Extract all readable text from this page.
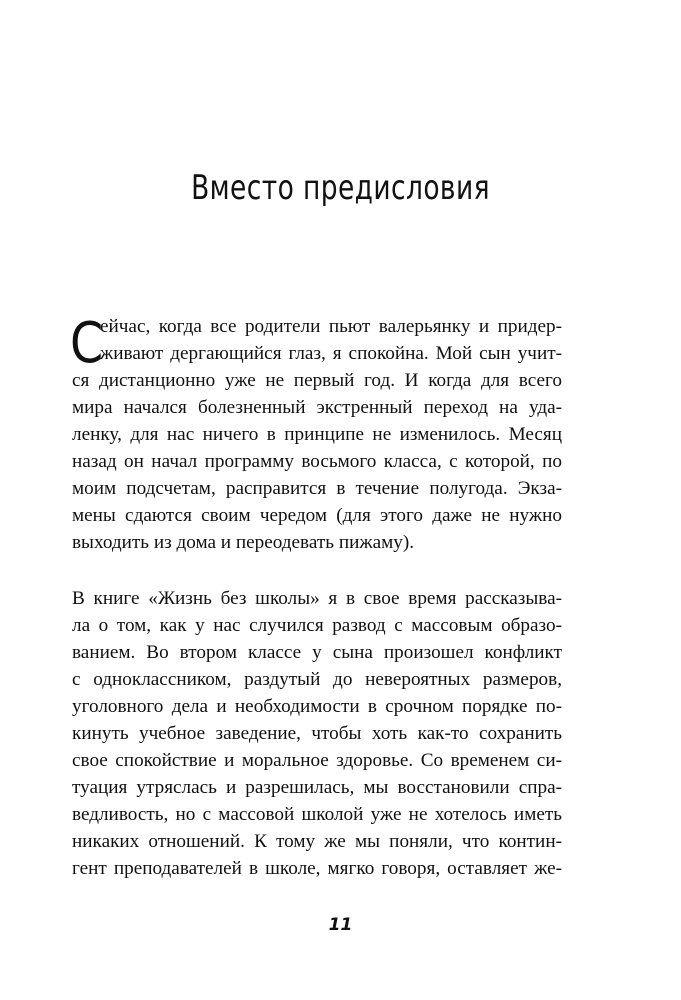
Вместо предисловия
С
ейчас, когда все родители пьют валерьянку и придер-
живают дергающийся глаз, я спокойна. Мой сын учит-
ся дистанционно уже не первый год. И когда для всего
мира начался болезненный экстренный переход на уда-
ленку, для нас ничего в принципе не изменилось. Месяц
назад он начал программу восьмого класса, с которой, по
моим подсчетам, расправится в течение полугода. Экза-
мены сдаются своим чередом (для этого даже не нужно
выходить из дома и переодевать пижаму).
В книге «Жизнь без школы» я в свое время рассказыва-
ла о том, как у нас случился развод с массовым образо-
ванием. Во втором классе у сына произошел конфликт
с одноклассником, раздутый до невероятных размеров,
уголовного дела и необходимости в срочном порядке по-
кинуть учебное заведение, чтобы хоть как-то сохранить
свое спокойствие и моральное здоровье. Со временем си-
туация утряслась и разрешилась, мы восстановили спра-
ведливость, но с массовой школой уже не хотелось иметь
никаких отношений. К тому же мы поняли, что контин-
гент преподавателей в школе, мягко говоря, оставляет же-
11
